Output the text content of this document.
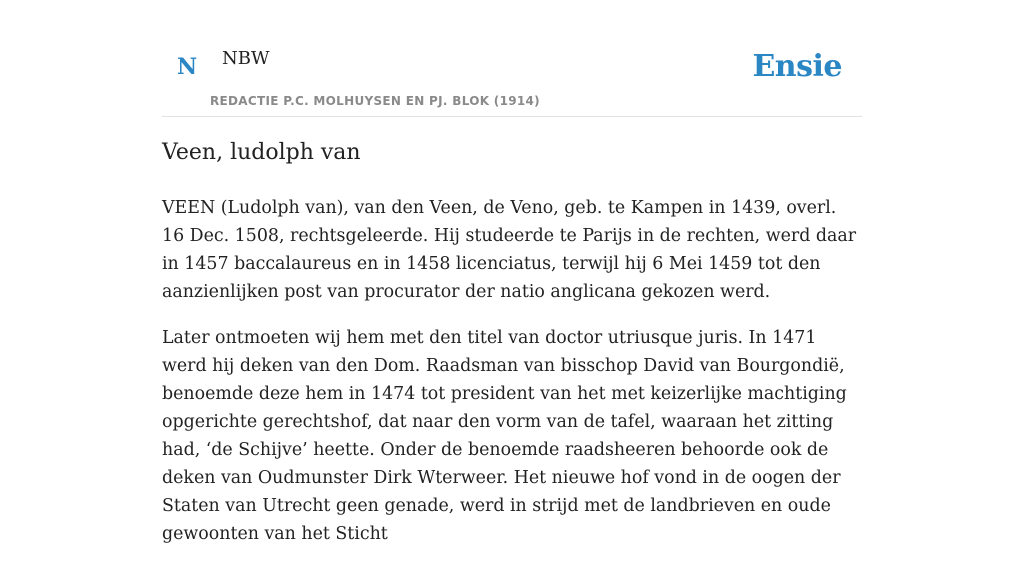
N NBW
REDACTIE P.C. MOLHUYSEN EN PJ. BLOK (1914)
Ensie
Veen, ludolph van

VEEN (Ludolph van), van den Veen, de Veno, geb. te Kampen in 1439, overl. 16 Dec. 1508, rechtsgeleerde. Hij studeerde te Parijs in de rechten, werd daar in 1457 baccalaureus en in 1458 licenciatus, terwijl hij 6 Mei 1459 tot den aanzienlijken post van procurator der natio anglicana gekozen werd.

Later ontmoeten wij hem met den titel van doctor utriusque juris. In 1471 werd hij deken van den Dom. Raadsman van bisschop David van Bourgondië, benoemde deze hem in 1474 tot president van het met keizerlijke machtiging opgerichte gerechtshof, dat naar den vorm van de tafel, waaraan het zitting had, ‘de Schijve’ heette. Onder de benoemde raadsheeren behoorde ook de deken van Oudmunster Dirk Wterweer. Het nieuwe hof vond in de oogen der Staten van Utrecht geen genade, werd in strijd met de landbrieven en oude gewoonten van het Sticht
